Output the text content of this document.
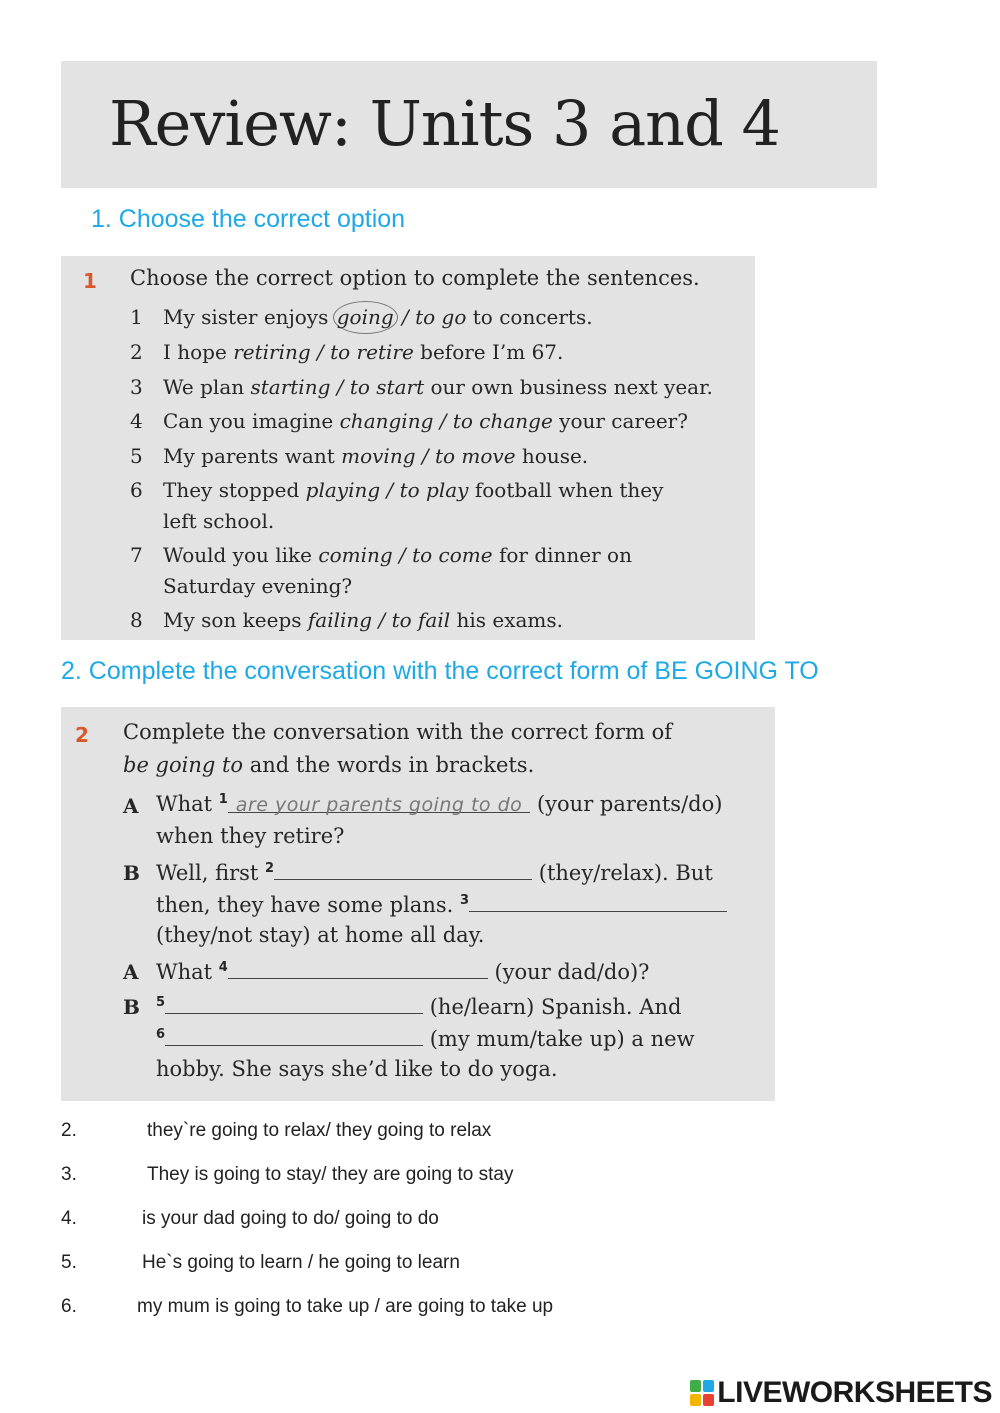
Review: Units 3 and 4
1. Choose the correct option
1 Choose the correct option to complete the sentences.
1 My sister enjoys going / to go to concerts.
2 I hope retiring / to retire before I’m 67.
3 We plan starting / to start our own business next year.
4 Can you imagine changing / to change your career?
5 My parents want moving / to move house.
6 They stopped playing / to play football when they
left school.
7 Would you like coming / to come for dinner on
Saturday evening?
8 My son keeps failing / to fail his exams.
2. Complete the conversation with the correct form of BE GOING TO
2 Complete the conversation with the correct form of
be going to and the words in brackets.
A What $^1$ are your parents going to do (your parents/do)
when they retire?
B Well, first $^2$	(they/relax). But
then, they have some plans. $^3$
(they/not stay) at home all day.
A What $^4$	(your dad/do)?
B $^5$	(he/learn) Spanish. And
$^6$	(my mum/take up) a new
hobby. She says she’d like to do yoga.
2.	they`re going to relax/ they going to relax
3.	They is going to stay/ they are going to stay
4.	is your dad going to do/ going to do
5.	He`s going to learn / he going to learn
6.	my mum is going to take up / are going to take up
LIVEWORKSHEETS
